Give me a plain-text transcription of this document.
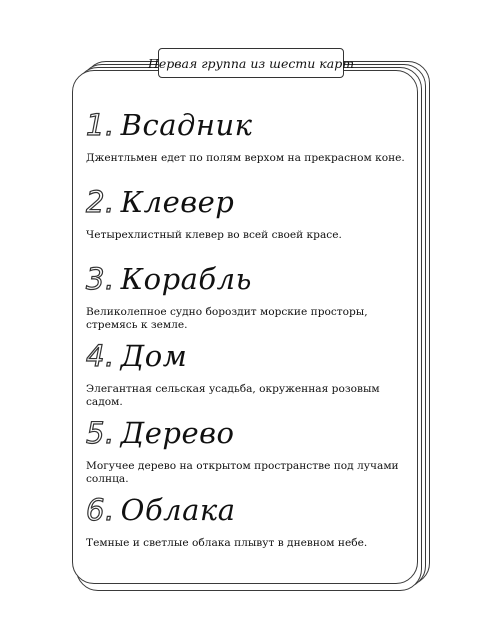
Первая группа из шести карт
1. Всадник
Джентльмен едет по полям верхом на прекрасном коне.
2. Клевер
Четырехлистный клевер во всей своей красе.
3. Корабль
Великолепное судно бороздит морские просторы, стремясь к земле.
4. Дом
Элегантная сельская усадьба, окруженная розовым садом.
5. Дерево
Могучее дерево на открытом пространстве под лучами солнца.
6. Облака
Темные и светлые облака плывут в дневном небе.
